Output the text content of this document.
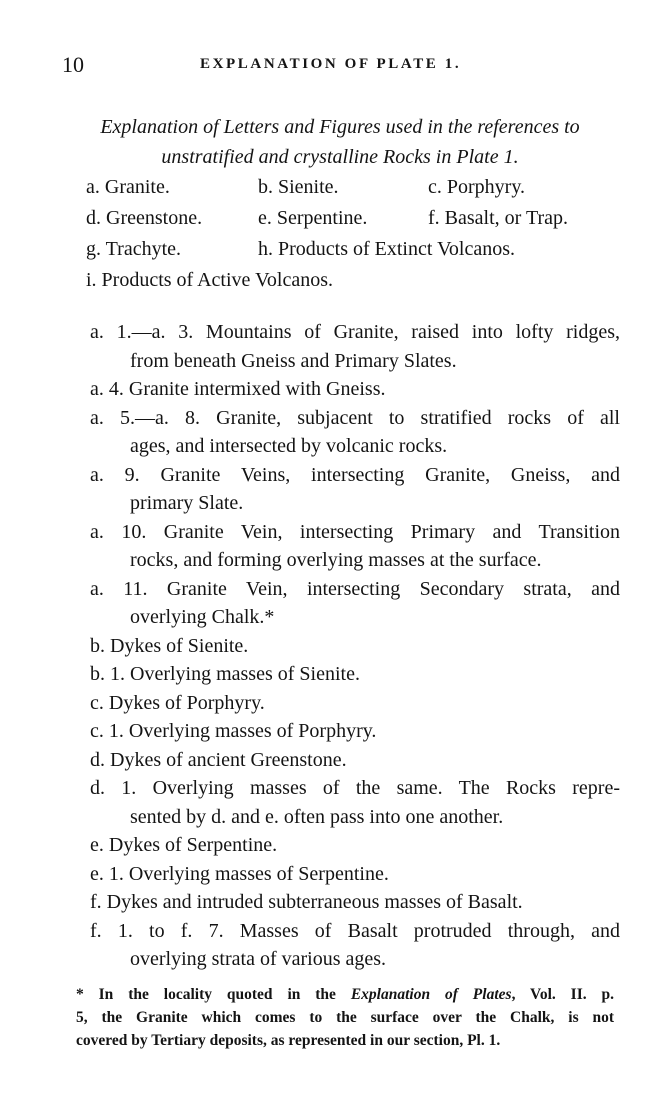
10	EXPLANATION OF PLATE 1.
Explanation of Letters and Figures used in the references to
unstratified and crystalline Rocks in Plate 1.
a. Granite.	b. Sienite.	c. Porphyry.
d. Greenstone.	e. Serpentine.	f. Basalt, or Trap.
g. Trachyte.	h. Products of Extinct Volcanos.
i. Products of Active Volcanos.
a. 1.—a. 3. Mountains of Granite, raised into lofty ridges,
from beneath Gneiss and Primary Slates.
a. 4. Granite intermixed with Gneiss.
a. 5.—a. 8. Granite, subjacent to stratified rocks of all
ages, and intersected by volcanic rocks.
a. 9. Granite Veins, intersecting Granite, Gneiss, and
primary Slate.
a. 10. Granite Vein, intersecting Primary and Transition
rocks, and forming overlying masses at the surface.
a. 11. Granite Vein, intersecting Secondary strata, and
overlying Chalk.*
b. Dykes of Sienite.
b. 1. Overlying masses of Sienite.
c. Dykes of Porphyry.
c. 1. Overlying masses of Porphyry.
d. Dykes of ancient Greenstone.
d. 1. Overlying masses of the same. The Rocks repre-
sented by d. and e. often pass into one another.
e. Dykes of Serpentine.
e. 1. Overlying masses of Serpentine.
f. Dykes and intruded subterraneous masses of Basalt.
f. 1. to f. 7. Masses of Basalt protruded through, and
overlying strata of various ages.
* In the locality quoted in the Explanation of Plates, Vol. II. p.
5, the Granite which comes to the surface over the Chalk, is not
covered by Tertiary deposits, as represented in our section, Pl. 1.
